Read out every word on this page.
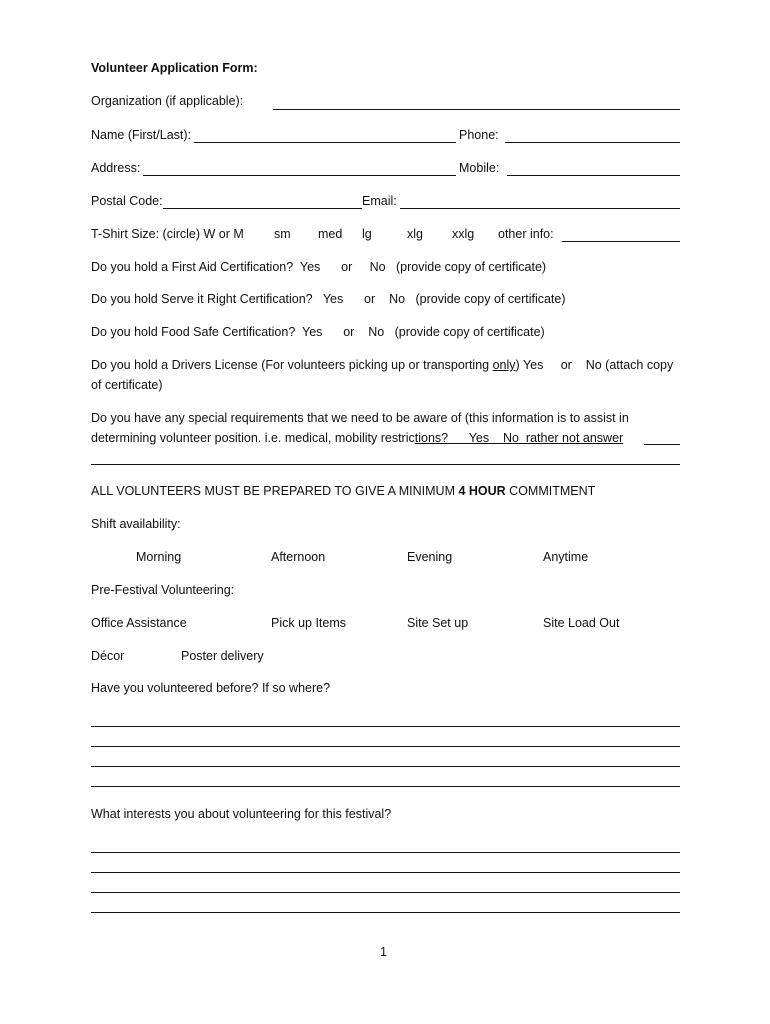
Volunteer Application Form:
Organization (if applicable):
Name (First/Last):	Phone:
Address:	Mobile:
Postal Code:	Email:
T-Shirt Size: (circle) W or M sm med lg	xlg xxlg other info:
Do you hold a First Aid Certification?  Yes      or     No   (provide copy of certificate)
Do you hold Serve it Right Certification?   Yes      or    No   (provide copy of certificate)
Do you hold Food Safe Certification?  Yes      or    No   (provide copy of certificate)
Do you hold a Drivers License (For volunteers picking up or transporting only) Yes     or    No (attach copy
of certificate)
Do you have any special requirements that we need to be aware of (this information is to assist in
determining volunteer position. i.e. medical, mobility restrictions?      Yes    No  rather not answer
ALL VOLUNTEERS MUST BE PREPARED TO GIVE A MINIMUM 4 HOUR COMMITMENT
Shift availability:
Morning	Afternoon	Evening	Anytime
Pre-Festival Volunteering:
Office Assistance	Pick up Items	Site Set up	Site Load Out
Décor	Poster delivery
Have you volunteered before? If so where?
What interests you about volunteering for this festival?
1
